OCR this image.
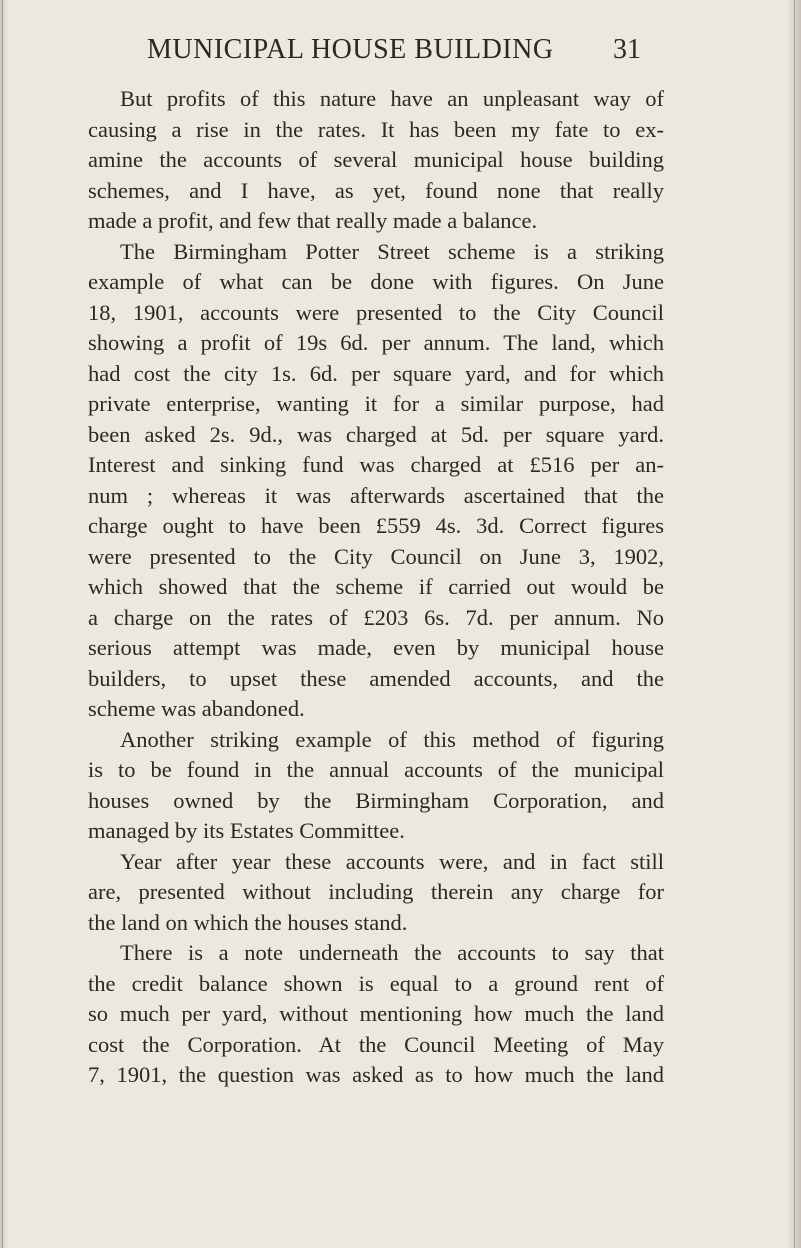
MUNICIPAL HOUSE BUILDING 31
But profits of this nature have an unpleasant way of
causing a rise in the rates. It has been my fate to ex-
amine the accounts of several municipal house building
schemes, and I have, as yet, found none that really
made a profit, and few that really made a balance.
The Birmingham Potter Street scheme is a striking
example of what can be done with figures. On June
18, 1901, accounts were presented to the City Council
showing a profit of 19s 6d. per annum. The land, which
had cost the city 1s. 6d. per square yard, and for which
private enterprise, wanting it for a similar purpose, had
been asked 2s. 9d., was charged at 5d. per square yard.
Interest and sinking fund was charged at £516 per an-
num ; whereas it was afterwards ascertained that the
charge ought to have been £559 4s. 3d. Correct figures
were presented to the City Council on June 3, 1902,
which showed that the scheme if carried out would be
a charge on the rates of £203 6s. 7d. per annum. No
serious attempt was made, even by municipal house
builders, to upset these amended accounts, and the
scheme was abandoned.
Another striking example of this method of figuring
is to be found in the annual accounts of the municipal
houses owned by the Birmingham Corporation, and
managed by its Estates Committee.
Year after year these accounts were, and in fact still
are, presented without including therein any charge for
the land on which the houses stand.
There is a note underneath the accounts to say that
the credit balance shown is equal to a ground rent of
so much per yard, without mentioning how much the land
cost the Corporation. At the Council Meeting of May
7, 1901, the question was asked as to how much the land
